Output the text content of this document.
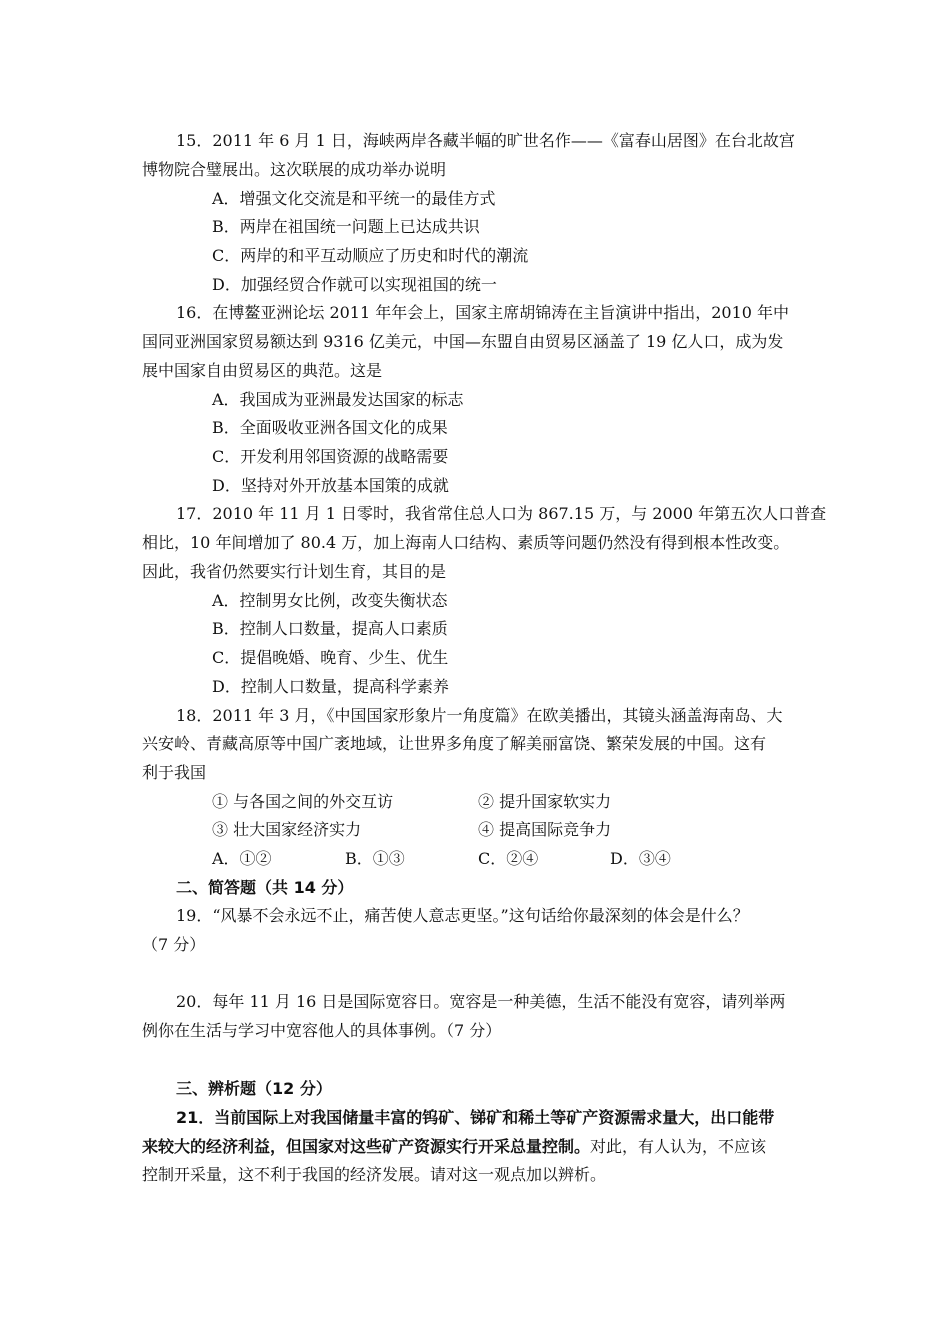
15．2011 年 6 月 1 日，海峡两岸各藏半幅的旷世名作——《富春山居图》在台北故宫
博物院合璧展出。这次联展的成功举办说明
A．增强文化交流是和平统一的最佳方式
B．两岸在祖国统一问题上已达成共识
C．两岸的和平互动顺应了历史和时代的潮流
D．加强经贸合作就可以实现祖国的统一
16．在博鳌亚洲论坛 2011 年年会上，国家主席胡锦涛在主旨演讲中指出，2010 年中
国同亚洲国家贸易额达到 9316 亿美元，中国—东盟自由贸易区涵盖了 19 亿人口，成为发
展中国家自由贸易区的典范。这是
A．我国成为亚洲最发达国家的标志
B．全面吸收亚洲各国文化的成果
C．开发利用邻国资源的战略需要
D．坚持对外开放基本国策的成就
17．2010 年 11 月 1 日零时，我省常住总人口为 867.15 万，与 2000 年第五次人口普查
相比，10 年间增加了 80.4 万，加上海南人口结构、素质等问题仍然没有得到根本性改变。
因此，我省仍然要实行计划生育，其目的是
A．控制男女比例，改变失衡状态
B．控制人口数量，提高人口素质
C．提倡晚婚、晚育、少生、优生
D．控制人口数量，提高科学素养
18．2011 年 3 月，《中国国家形象片一角度篇》在欧美播出，其镜头涵盖海南岛、大
兴安岭、青藏高原等中国广袤地域，让世界多角度了解美丽富饶、繁荣发展的中国。这有
利于我国
① 与各国之间的外交互访	② 提升国家软实力
③ 壮大国家经济实力	④ 提高国际竞争力
A．①②	B．①③	C．②④	D．③④
二、简答题（共 14 分）
19．“风暴不会永远不止，痛苦使人意志更坚。”这句话给你最深刻的体会是什么？
（7 分）
20．每年 11 月 16 日是国际宽容日。宽容是一种美德，生活不能没有宽容，请列举两
例你在生活与学习中宽容他人的具体事例。（7 分）
三、辨析题（12 分）
21．当前国际上对我国储量丰富的钨矿、锑矿和稀土等矿产资源需求量大，出口能带
来较大的经济利益，但国家对这些矿产资源实行开采总量控制。对此，有人认为，不应该
控制开采量，这不利于我国的经济发展。请对这一观点加以辨析。
